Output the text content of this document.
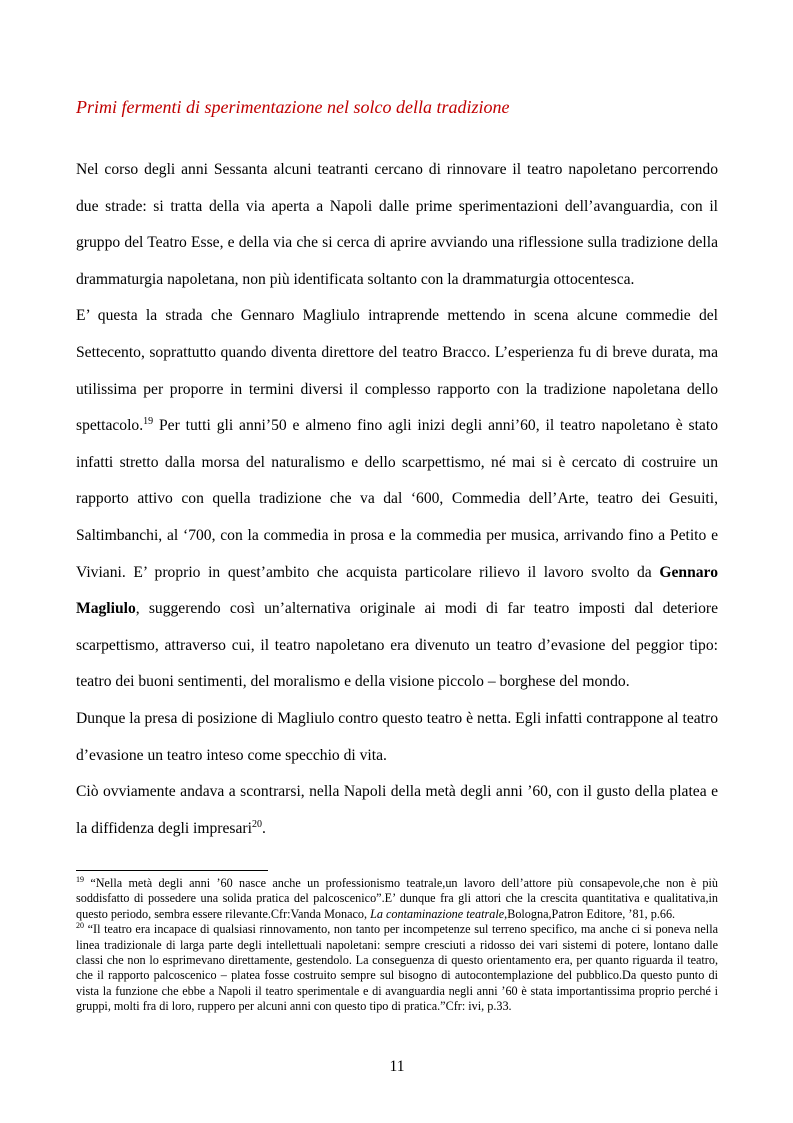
Primi fermenti di sperimentazione nel solco della tradizione

Nel corso degli anni Sessanta alcuni teatranti cercano di rinnovare il teatro napoletano percorrendo due strade: si tratta della via aperta a Napoli dalle prime sperimentazioni dell’avanguardia, con il gruppo del Teatro Esse, e della via che si cerca di aprire avviando una riflessione sulla tradizione della drammaturgia napoletana, non più identificata soltanto con la drammaturgia ottocentesca.

E’ questa la strada che Gennaro Magliulo intraprende mettendo in scena alcune commedie del Settecento, soprattutto quando diventa direttore del teatro Bracco. L’esperienza fu di breve durata, ma utilissima per proporre in termini diversi il complesso rapporto con la tradizione napoletana dello spettacolo.$^{19}$ Per tutti gli anni’50 e almeno fino agli inizi degli anni’60, il teatro napoletano è stato infatti stretto dalla morsa del naturalismo e dello scarpettismo, né mai si è cercato di costruire un rapporto attivo con quella tradizione che va dal ‘600, Commedia dell’Arte, teatro dei Gesuiti, Saltimbanchi, al ‘700, con la commedia in prosa e la commedia per musica, arrivando fino a Petito e Viviani. E’ proprio in quest’ambito che acquista particolare rilievo il lavoro svolto da Gennaro Magliulo, suggerendo così un’alternativa originale ai modi di far teatro imposti dal deteriore scarpettismo, attraverso cui, il teatro napoletano era divenuto un teatro d’evasione del peggior tipo: teatro dei buoni sentimenti, del moralismo e della visione piccolo – borghese del mondo.

Dunque la presa di posizione di Magliulo contro questo teatro è netta. Egli infatti contrappone al teatro d’evasione un teatro inteso come specchio di vita.

Ciò ovviamente andava a scontrarsi, nella Napoli della metà degli anni ’60, con il gusto della platea e la diffidenza degli impresari$^{20}$.

$^{19}$ “Nella metà degli anni ’60 nasce anche un professionismo teatrale,un lavoro dell’attore più consapevole,che non è più soddisfatto di possedere una solida pratica del palcoscenico”.E’ dunque fra gli attori che la crescita quantitativa e qualitativa,in questo periodo, sembra essere rilevante.Cfr:Vanda Monaco, La contaminazione teatrale,Bologna,Patron Editore, ’81, p.66.

$^{20}$ “Il teatro era incapace di qualsiasi rinnovamento, non tanto per incompetenze sul terreno specifico, ma anche ci si poneva nella linea tradizionale di larga parte degli intellettuali napoletani: sempre cresciuti a ridosso dei vari sistemi di potere, lontano dalle classi che non lo esprimevano direttamente, gestendolo. La conseguenza di questo orientamento era, per quanto riguarda il teatro, che il rapporto palcoscenico – platea fosse costruito sempre sul bisogno di autocontemplazione del pubblico.Da questo punto di vista la funzione che ebbe a Napoli il teatro sperimentale e di avanguardia negli anni ’60 è stata importantissima proprio perché i gruppi, molti fra di loro, ruppero per alcuni anni con questo tipo di pratica.”Cfr: ivi, p.33.

11
